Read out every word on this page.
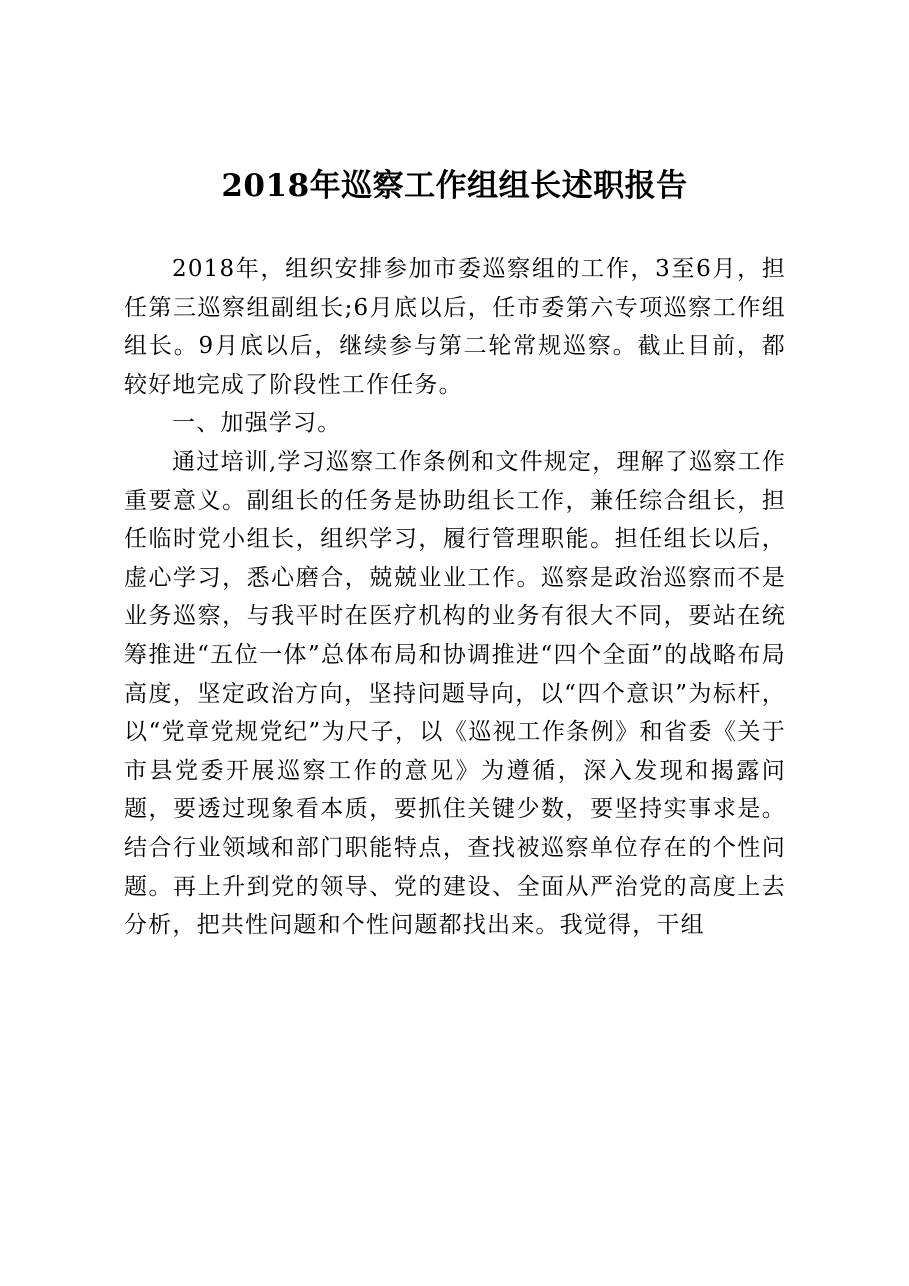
2018年巡察工作组组长述职报告

2018年，组织安排参加市委巡察组的工作，3至6月，担任第三巡察组副组长;6月底以后，任市委第六专项巡察工作组组长。9月底以后，继续参与第二轮常规巡察。截止目前，都较好地完成了阶段性工作任务。

一、加强学习。

通过培训,学习巡察工作条例和文件规定，理解了巡察工作重要意义。副组长的任务是协助组长工作，兼任综合组长，担任临时党小组长，组织学习，履行管理职能。担任组长以后，虚心学习，悉心磨合，兢兢业业工作。巡察是政治巡察而不是业务巡察，与我平时在医疗机构的业务有很大不同，要站在统筹推进“五位一体”总体布局和协调推进“四个全面”的战略布局高度，坚定政治方向，坚持问题导向，以“四个意识”为标杆，以“党章党规党纪”为尺子，以《巡视工作条例》和省委《关于市县党委开展巡察工作的意见》为遵循，深入发现和揭露问题，要透过现象看本质，要抓住关键少数，要坚持实事求是。结合行业领域和部门职能特点，查找被巡察单位存在的个性问题。再上升到党的领导、党的建设、全面从严治党的高度上去分析，把共性问题和个性问题都找出来。我觉得，干组
